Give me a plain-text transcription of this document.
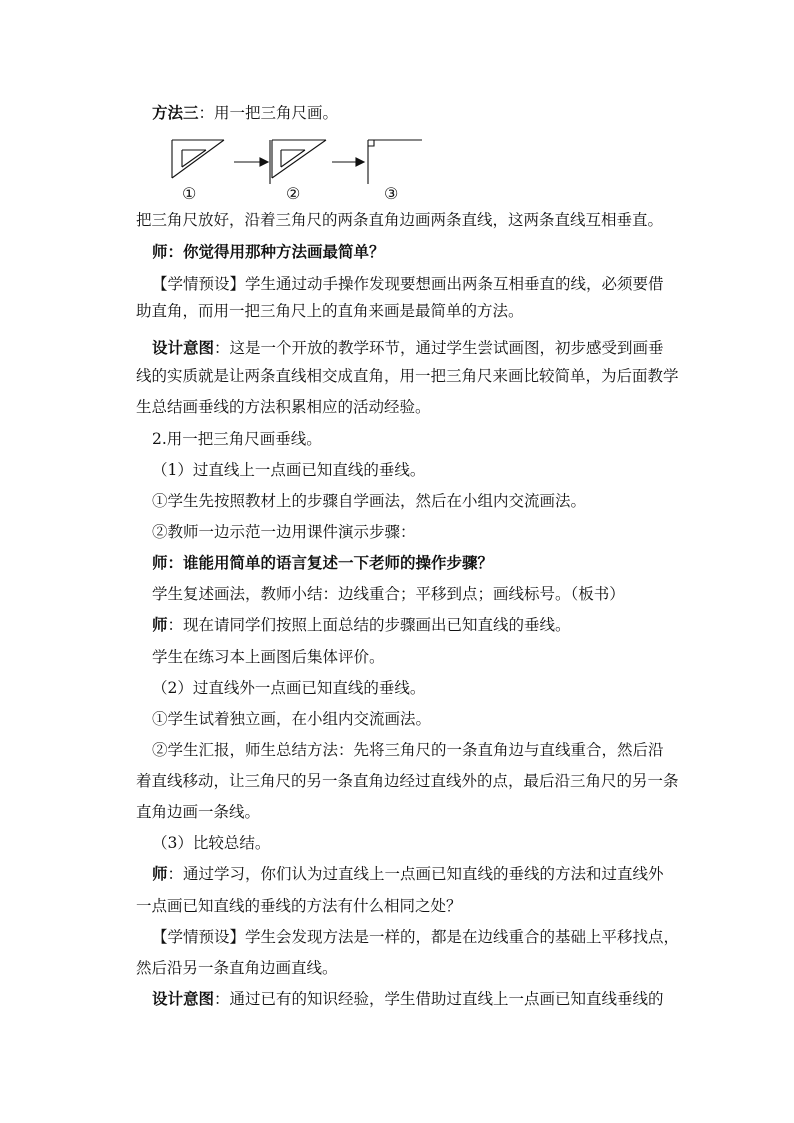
方法三：用一把三角尺画。
①	②	③
把三角尺放好，沿着三角尺的两条直角边画两条直线，这两条直线互相垂直。
师：你觉得用那种方法画最简单？
【学情预设】学生通过动手操作发现要想画出两条互相垂直的线，必须要借
助直角，而用一把三角尺上的直角来画是最简单的方法。
设计意图：这是一个开放的教学环节，通过学生尝试画图，初步感受到画垂
线的实质就是让两条直线相交成直角，用一把三角尺来画比较简单，为后面教学
生总结画垂线的方法积累相应的活动经验。
2.用一把三角尺画垂线。
（1）过直线上一点画已知直线的垂线。
①学生先按照教材上的步骤自学画法，然后在小组内交流画法。
②教师一边示范一边用课件演示步骤：
师：谁能用简单的语言复述一下老师的操作步骤？
学生复述画法，教师小结：边线重合；平移到点；画线标号。（板书）
师：现在请同学们按照上面总结的步骤画出已知直线的垂线。
学生在练习本上画图后集体评价。
（2）过直线外一点画已知直线的垂线。
①学生试着独立画，在小组内交流画法。
②学生汇报，师生总结方法：先将三角尺的一条直角边与直线重合，然后沿
着直线移动，让三角尺的另一条直角边经过直线外的点，最后沿三角尺的另一条
直角边画一条线。
（3）比较总结。
师：通过学习，你们认为过直线上一点画已知直线的垂线的方法和过直线外
一点画已知直线的垂线的方法有什么相同之处？
【学情预设】学生会发现方法是一样的，都是在边线重合的基础上平移找点，
然后沿另一条直角边画直线。
设计意图：通过已有的知识经验，学生借助过直线上一点画已知直线垂线的
